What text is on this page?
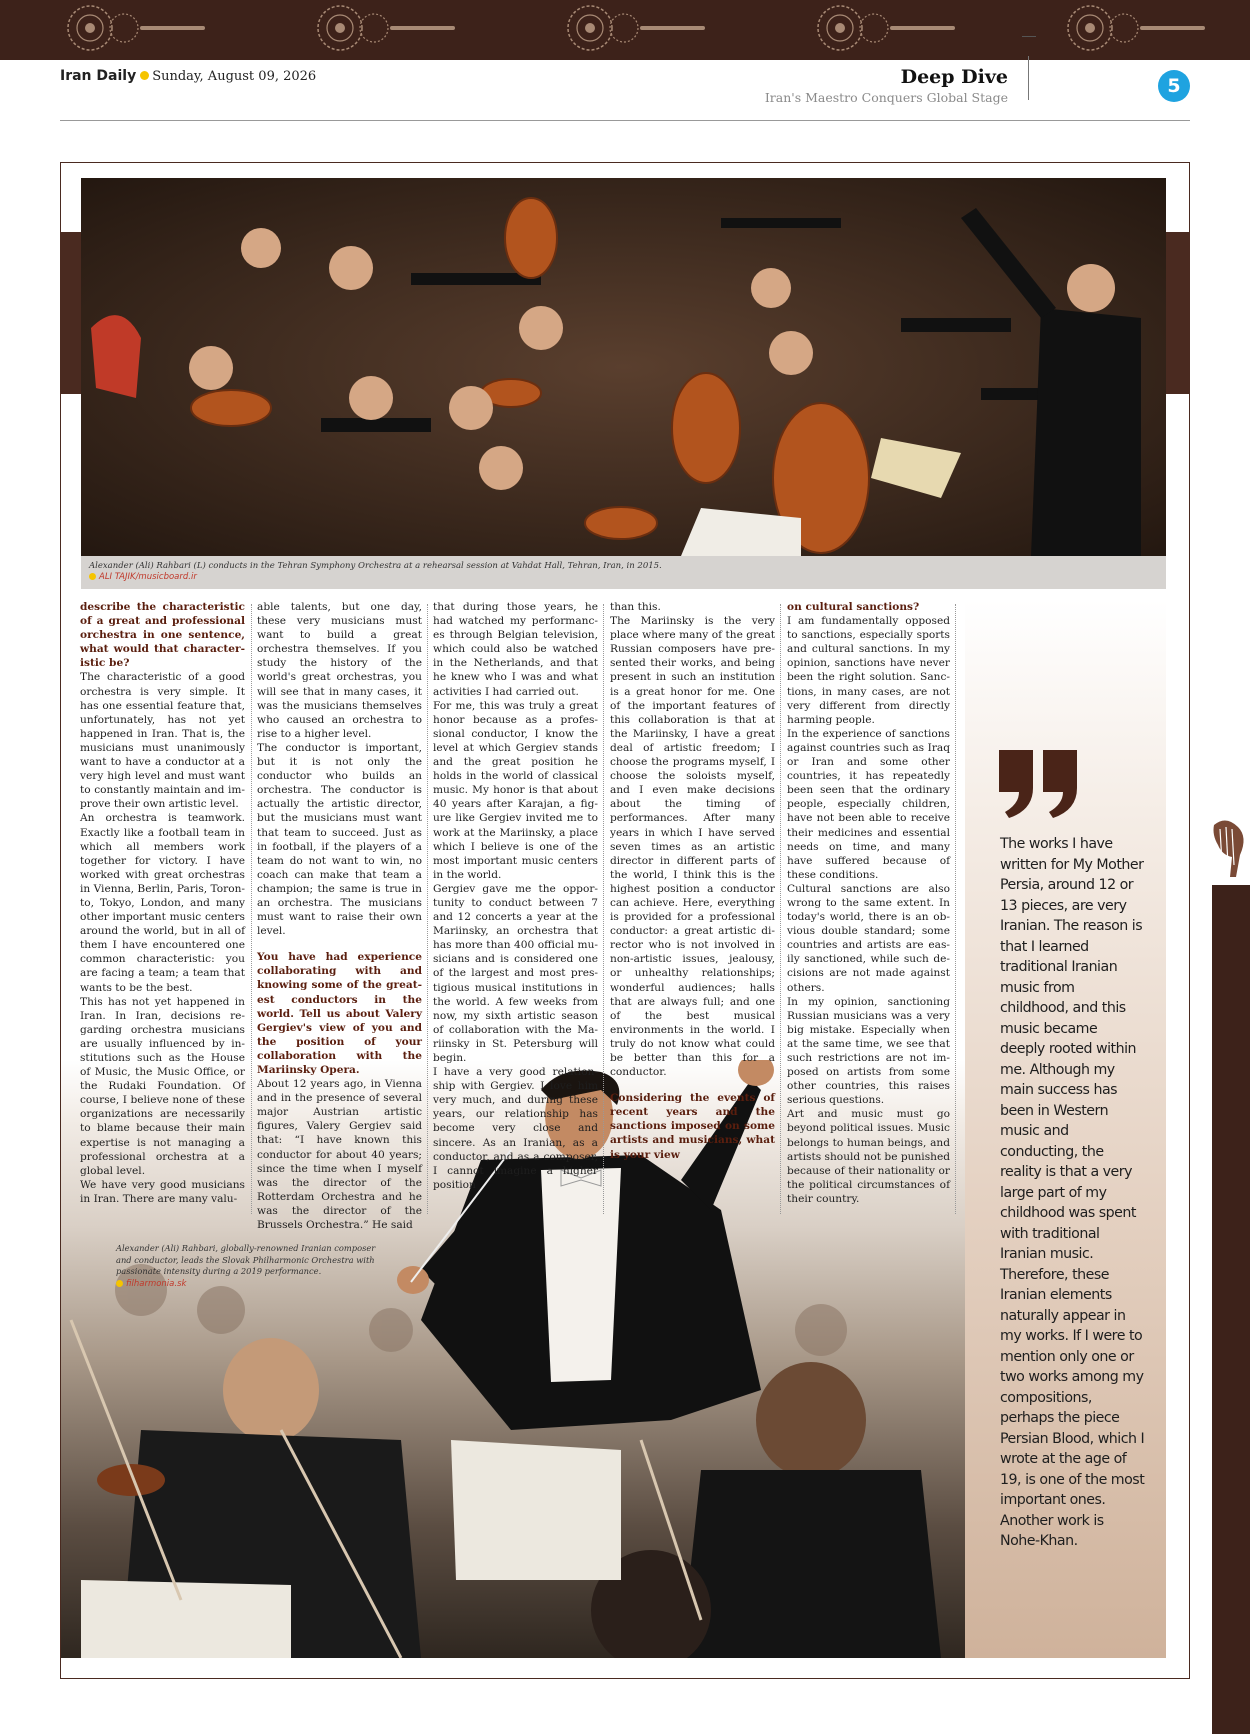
Iran Daily Sunday, August 09, 2026	Deep Dive
Iran's Maestro Conquers Global Stage
5
Alexander (Ali) Rahbari (L) conducts in the Tehran Symphony Orchestra at a rehearsal session at Vahdat Hall, Tehran, Iran, in 2015.
ALI TAJIK/musicboard.ir
The works I have written for My Mother Persia, around 12 or 13 pieces, are very Iranian. The reason is that I learned traditional Iranian music from childhood, and this music became deeply rooted within me. Although my main success has been in Western music and conducting, the reality is that a very large part of my childhood was spent with traditional Iranian music. Therefore, these Iranian elements naturally appear in my works. If I were to mention only one or two works among my compositions, perhaps the piece Persian Blood, which I wrote at the age of 19, is one of the most important ones. Another work is Nohe-Khan.
Alexander (Ali) Rahbari, globally-renowned Iranian composer and conductor, leads the Slovak Philharmonic Orchestra with passionate intensity during a 2019 performance.
filharmonia.sk

describe the characteristic of a great and professional orchestra in one sentence, what would that characteristic be?

The characteristic of a good orchestra is very simple. It has one essential feature that, unfortunately, has not yet happened in Iran. That is, the musicians must unanimously want to have a conductor at a very high level and must want to constantly maintain and improve their own artistic level.

An orchestra is teamwork. Exactly like a football team in which all members work together for victory. I have worked with great orchestras in Vienna, Berlin, Paris, Toronto, Tokyo, London, and many other important music centers around the world, but in all of them I have encountered one common characteristic: you are facing a team; a team that wants to be the best.

This has not yet happened in Iran. In Iran, decisions regarding orchestra musicians are usually influenced by institutions such as the House of Music, the Music Office, or the Rudaki Foundation. Of course, I believe none of these organizations are necessarily to blame because their main expertise is not managing a professional orchestra at a global level.

We have very good musicians in Iran. There are many valu-

able talents, but one day, these very musicians must want to build a great orchestra themselves. If you study the history of the world's great orchestras, you will see that in many cases, it was the musicians themselves who caused an orchestra to rise to a higher level.

The conductor is important, but it is not only the conductor who builds an orchestra. The conductor is actually the artistic director, but the musicians must want that team to succeed. Just as in football, if the players of a team do not want to win, no coach can make that team a champion; the same is true in an orchestra. The musicians must want to raise their own level.

You have had experience collaborating with and knowing some of the greatest conductors in the world. Tell us about Valery Gergiev's view of you and the position of your collaboration with the Mariinsky Opera.

About 12 years ago, in Vienna and in the presence of several major Austrian artistic figures, Valery Gergiev said that: “I have known this conductor for about 40 years; since the time when I myself was the director of the Rotterdam Orchestra and he was the director of the Brussels Orchestra.” He said

that during those years, he had watched my performances through Belgian television, which could also be watched in the Netherlands, and that he knew who I was and what activities I had carried out.

For me, this was truly a great honor because as a professional conductor, I know the level at which Gergiev stands and the great position he holds in the world of classical music. My honor is that about 40 years after Karajan, a figure like Gergiev invited me to work at the Mariinsky, a place which I believe is one of the most important music centers in the world.

Gergiev gave me the opportunity to conduct between 7 and 12 concerts a year at the Mariinsky, an orchestra that has more than 400 official musicians and is considered one of the largest and most prestigious musical institutions in the world. A few weeks from now, my sixth artistic season of collaboration with the Mariinsky in St. Petersburg will begin.

I have a very good relationship with Gergiev. I love him very much, and during these years, our relationship has become very close and sincere. As an Iranian, as a conductor, and as a composer, I cannot imagine a higher position

than this.

The Mariinsky is the very place where many of the great Russian composers have presented their works, and being present in such an institution is a great honor for me. One of the important features of this collaboration is that at the Mariinsky, I have a great deal of artistic freedom; I choose the programs myself, I choose the soloists myself, and I even make decisions about the timing of performances. After many years in which I have served seven times as an artistic director in different parts of the world, I think this is the highest position a conductor can achieve. Here, everything is provided for a professional conductor: a great artistic director who is not involved in non-artistic issues, jealousy, or unhealthy relationships; wonderful audiences; halls that are always full; and one of the best musical environments in the world. I truly do not know what could be better than this for a conductor.

Considering the events of recent years and the sanctions imposed on some artists and musicians, what is your view

on cultural sanctions?

I am fundamentally opposed to sanctions, especially sports and cultural sanctions. In my opinion, sanctions have never been the right solution. Sanctions, in many cases, are not very different from directly harming people.

In the experience of sanctions against countries such as Iraq or Iran and some other countries, it has repeatedly been seen that the ordinary people, especially children, have not been able to receive their medicines and essential needs on time, and many have suffered because of these conditions.

Cultural sanctions are also wrong to the same extent. In today's world, there is an obvious double standard; some countries and artists are easily sanctioned, while such decisions are not made against others.

In my opinion, sanctioning Russian musicians was a very big mistake. Especially when at the same time, we see that such restrictions are not imposed on artists from some other countries, this raises serious questions.

Art and music must go beyond political issues. Music belongs to human beings, and artists should not be punished because of their nationality or the political circumstances of their country.
